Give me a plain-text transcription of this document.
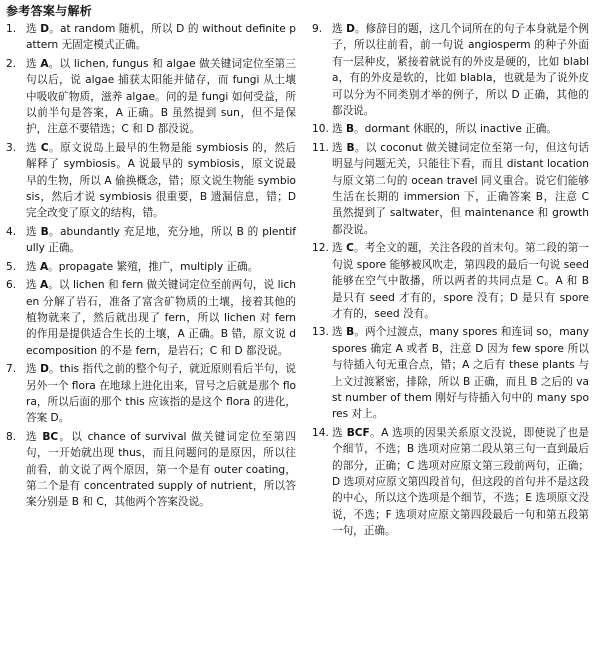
参考答案与解析
1. 选 D。at random 随机，所以 D 的 without definite pattern 无固定模式正确。
2. 选 A。以 lichen, fungus 和 algae 做关键词定位至第三句以后，说 algae 捕获太阳能并储存，而 fungi 从土壤中吸收矿物质，滋养 algae。问的是 fungi 如何受益，所以前半句是答案，A 正确。B 虽然提到 sun，但不是保护，注意不要错选；C 和 D 都没说。
3. 选 C。原文说岛上最早的生物是能 symbiosis 的，然后解释了 symbiosis。A 说最早的 symbiosis，原文说最早的生物，所以 A 偷换概念，错；原文说生物能 symbiosis，然后才说 symbiosis 很重要，B 遗漏信息，错；D 完全改变了原文的结构，错。
4. 选 B。abundantly 充足地，充分地，所以 B 的 plentifully 正确。
5. 选 A。propagate 繁殖，推广，multiply 正确。
6. 选 A。以 lichen 和 fern 做关键词定位至前两句，说 lichen 分解了岩石，准备了富含矿物质的土壤，接着其他的植物就来了，然后就出现了 fern，所以 lichen 对 fern 的作用是提供适合生长的土壤，A 正确。B 错，原文说 decomposition 的不是 fern，是岩石；C 和 D 都没说。
7. 选 D。this 指代之前的整个句子，就近原则看后半句，说另外一个 flora 在地球上进化出来，冒号之后就是那个 flora，所以后面的那个 this 应该指的是这个 flora 的进化，答案 D。
8. 选 BC。以 chance of survival 做关键词定位至第四句，一开始就出现 thus，而且问题问的是原因，所以往前看，前文说了两个原因，第一个是有 outer coating，第二个是有 concentrated supply of nutrient，所以答案分别是 B 和 C，其他两个答案没说。
9. 选 D。修辞目的题，这几个词所在的句子本身就是个例子，所以往前看，前一句说 angiosperm 的种子外面有一层种皮，紧接着就说有的外皮是硬的，比如 blabla，有的外皮是软的，比如 blabla，也就是为了说外皮可以分为不同类别才举的例子，所以 D 正确，其他的都没说。
10. 选 B。dormant 休眠的，所以 inactive 正确。
11. 选 B。以 coconut 做关键词定位至第一句，但这句话明显与问题无关，只能往下看，而且 distant location 与原文第二句的 ocean travel 同义重合。说它们能够生活在长期的 immersion 下，正确答案 B，注意 C 虽然提到了 saltwater，但 maintenance 和 growth 都没说。
12. 选 C。考全文的题，关注各段的首末句。第二段的第一句说 spore 能够被风吹走，第四段的最后一句说 seed 能够在空气中散播，所以两者的共同点是 C。A 和 B 是只有 seed 才有的，spore 没有；D 是只有 spore 才有的，seed 没有。
13. 选 B。两个过渡点，many spores 和连词 so，many spores 确定 A 或者 B，注意 D 因为 few spore 所以与待插入句无重合点，错；A 之后有 these plants 与上文过渡紧密，排除，所以 B 正确，而且 B 之后的 vast number of them 刚好与待插入句中的 many spores 对上。
14. 选 BCF。A 选项的因果关系原文没说，即使说了也是个细节，不选；B 选项对应第二段从第三句一直到最后的部分，正确；C 选项对应原文第三段前两句，正确；D 选项对应原文第四段首句，但这段的首句并不是这段的中心，所以这个选项是个细节，不选；E 选项原文没说，不选；F 选项对应原文第四段最后一句和第五段第一句，正确。
